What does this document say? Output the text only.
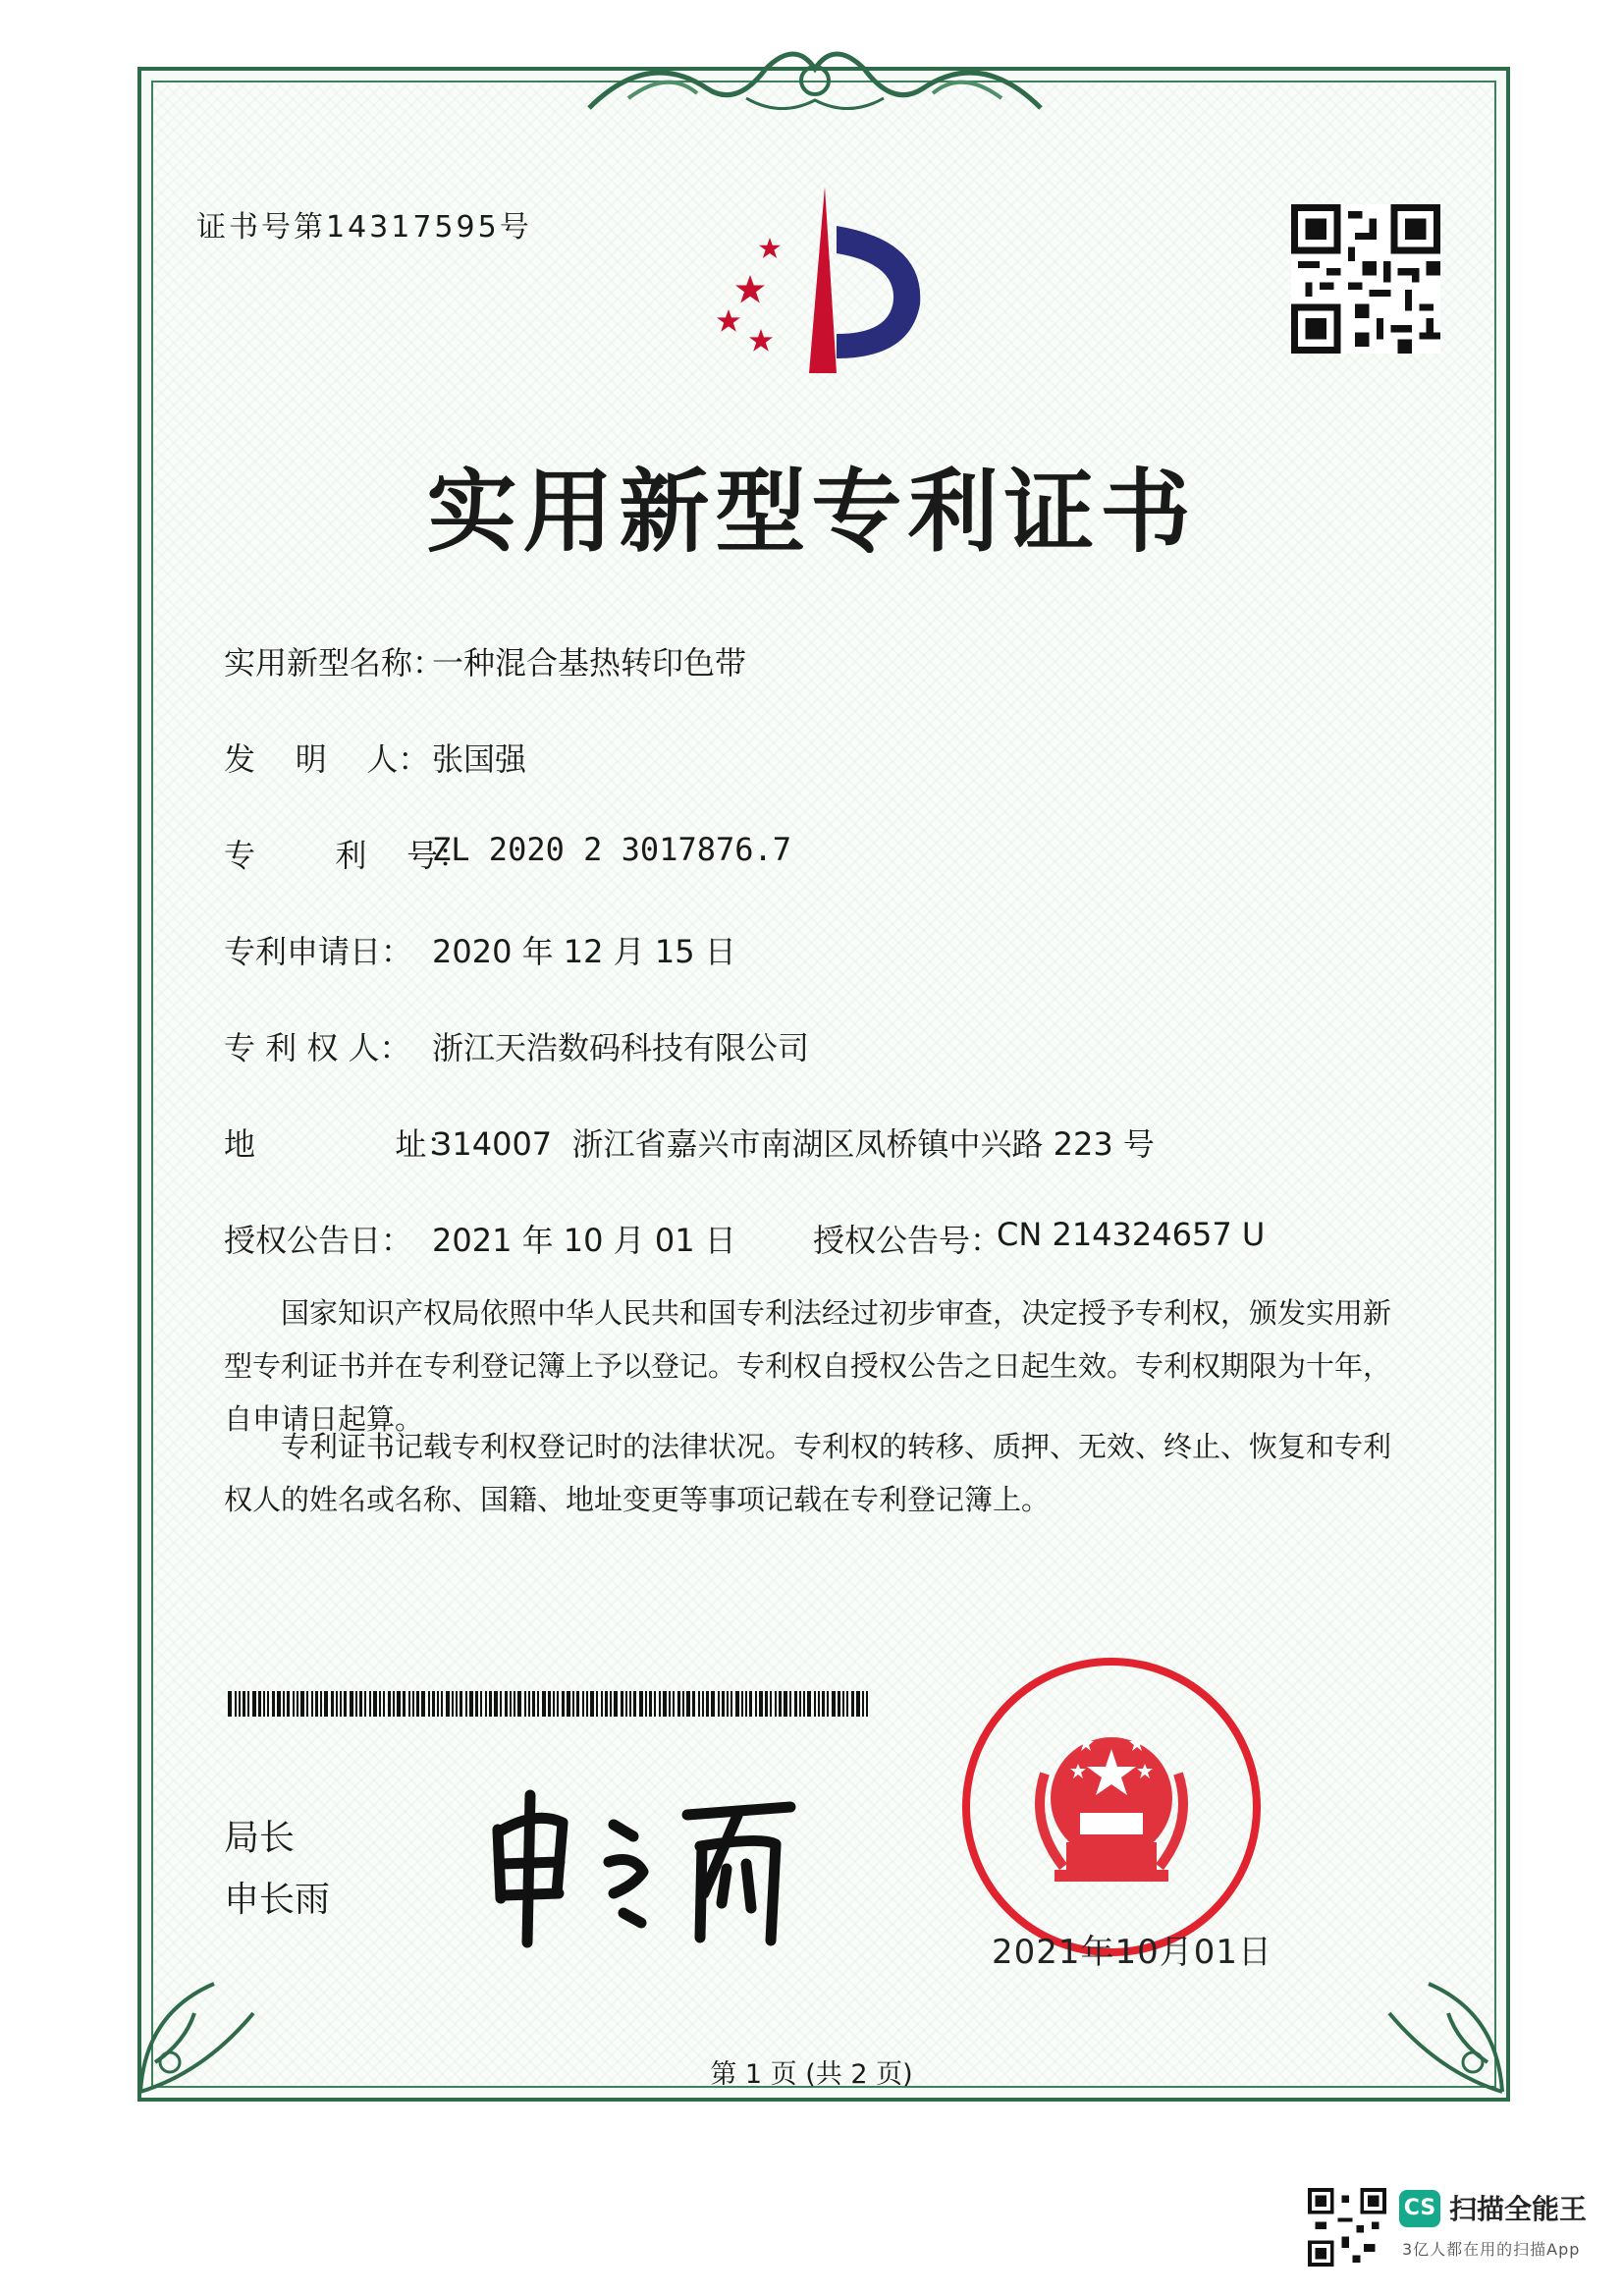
证书号第14317595号
实用新型专利证书
实用新型名称：
一种混合基热转印色带
发    明    人： 张国强
专        利    号：
ZL 2020 2 3017876.7
专利申请日： 2020 年 12 月 15 日
专 利 权 人： 浙江天浩数码科技有限公司
地              址：
314007  浙江省嘉兴市南湖区凤桥镇中兴路 223 号
授权公告日： 2021 年 10 月 01 日 授权公告号：
CN 214324657 U
国家知识产权局依照中华人民共和国专利法经过初步审查，决定授予专利权，颁发实用新型专利证书并在专利登记簿上予以登记。专利权自授权公告之日起生效。专利权期限为十年，自申请日起算。
专利证书记载专利权登记时的法律状况。专利权的转移、质押、无效、终止、恢复和专利权人的姓名或名称、国籍、地址变更等事项记载在专利登记簿上。
局长
申长雨
2021年10月01日
第 1 页 (共 2 页)
CS 扫描全能王
3亿人都在用的扫描App
